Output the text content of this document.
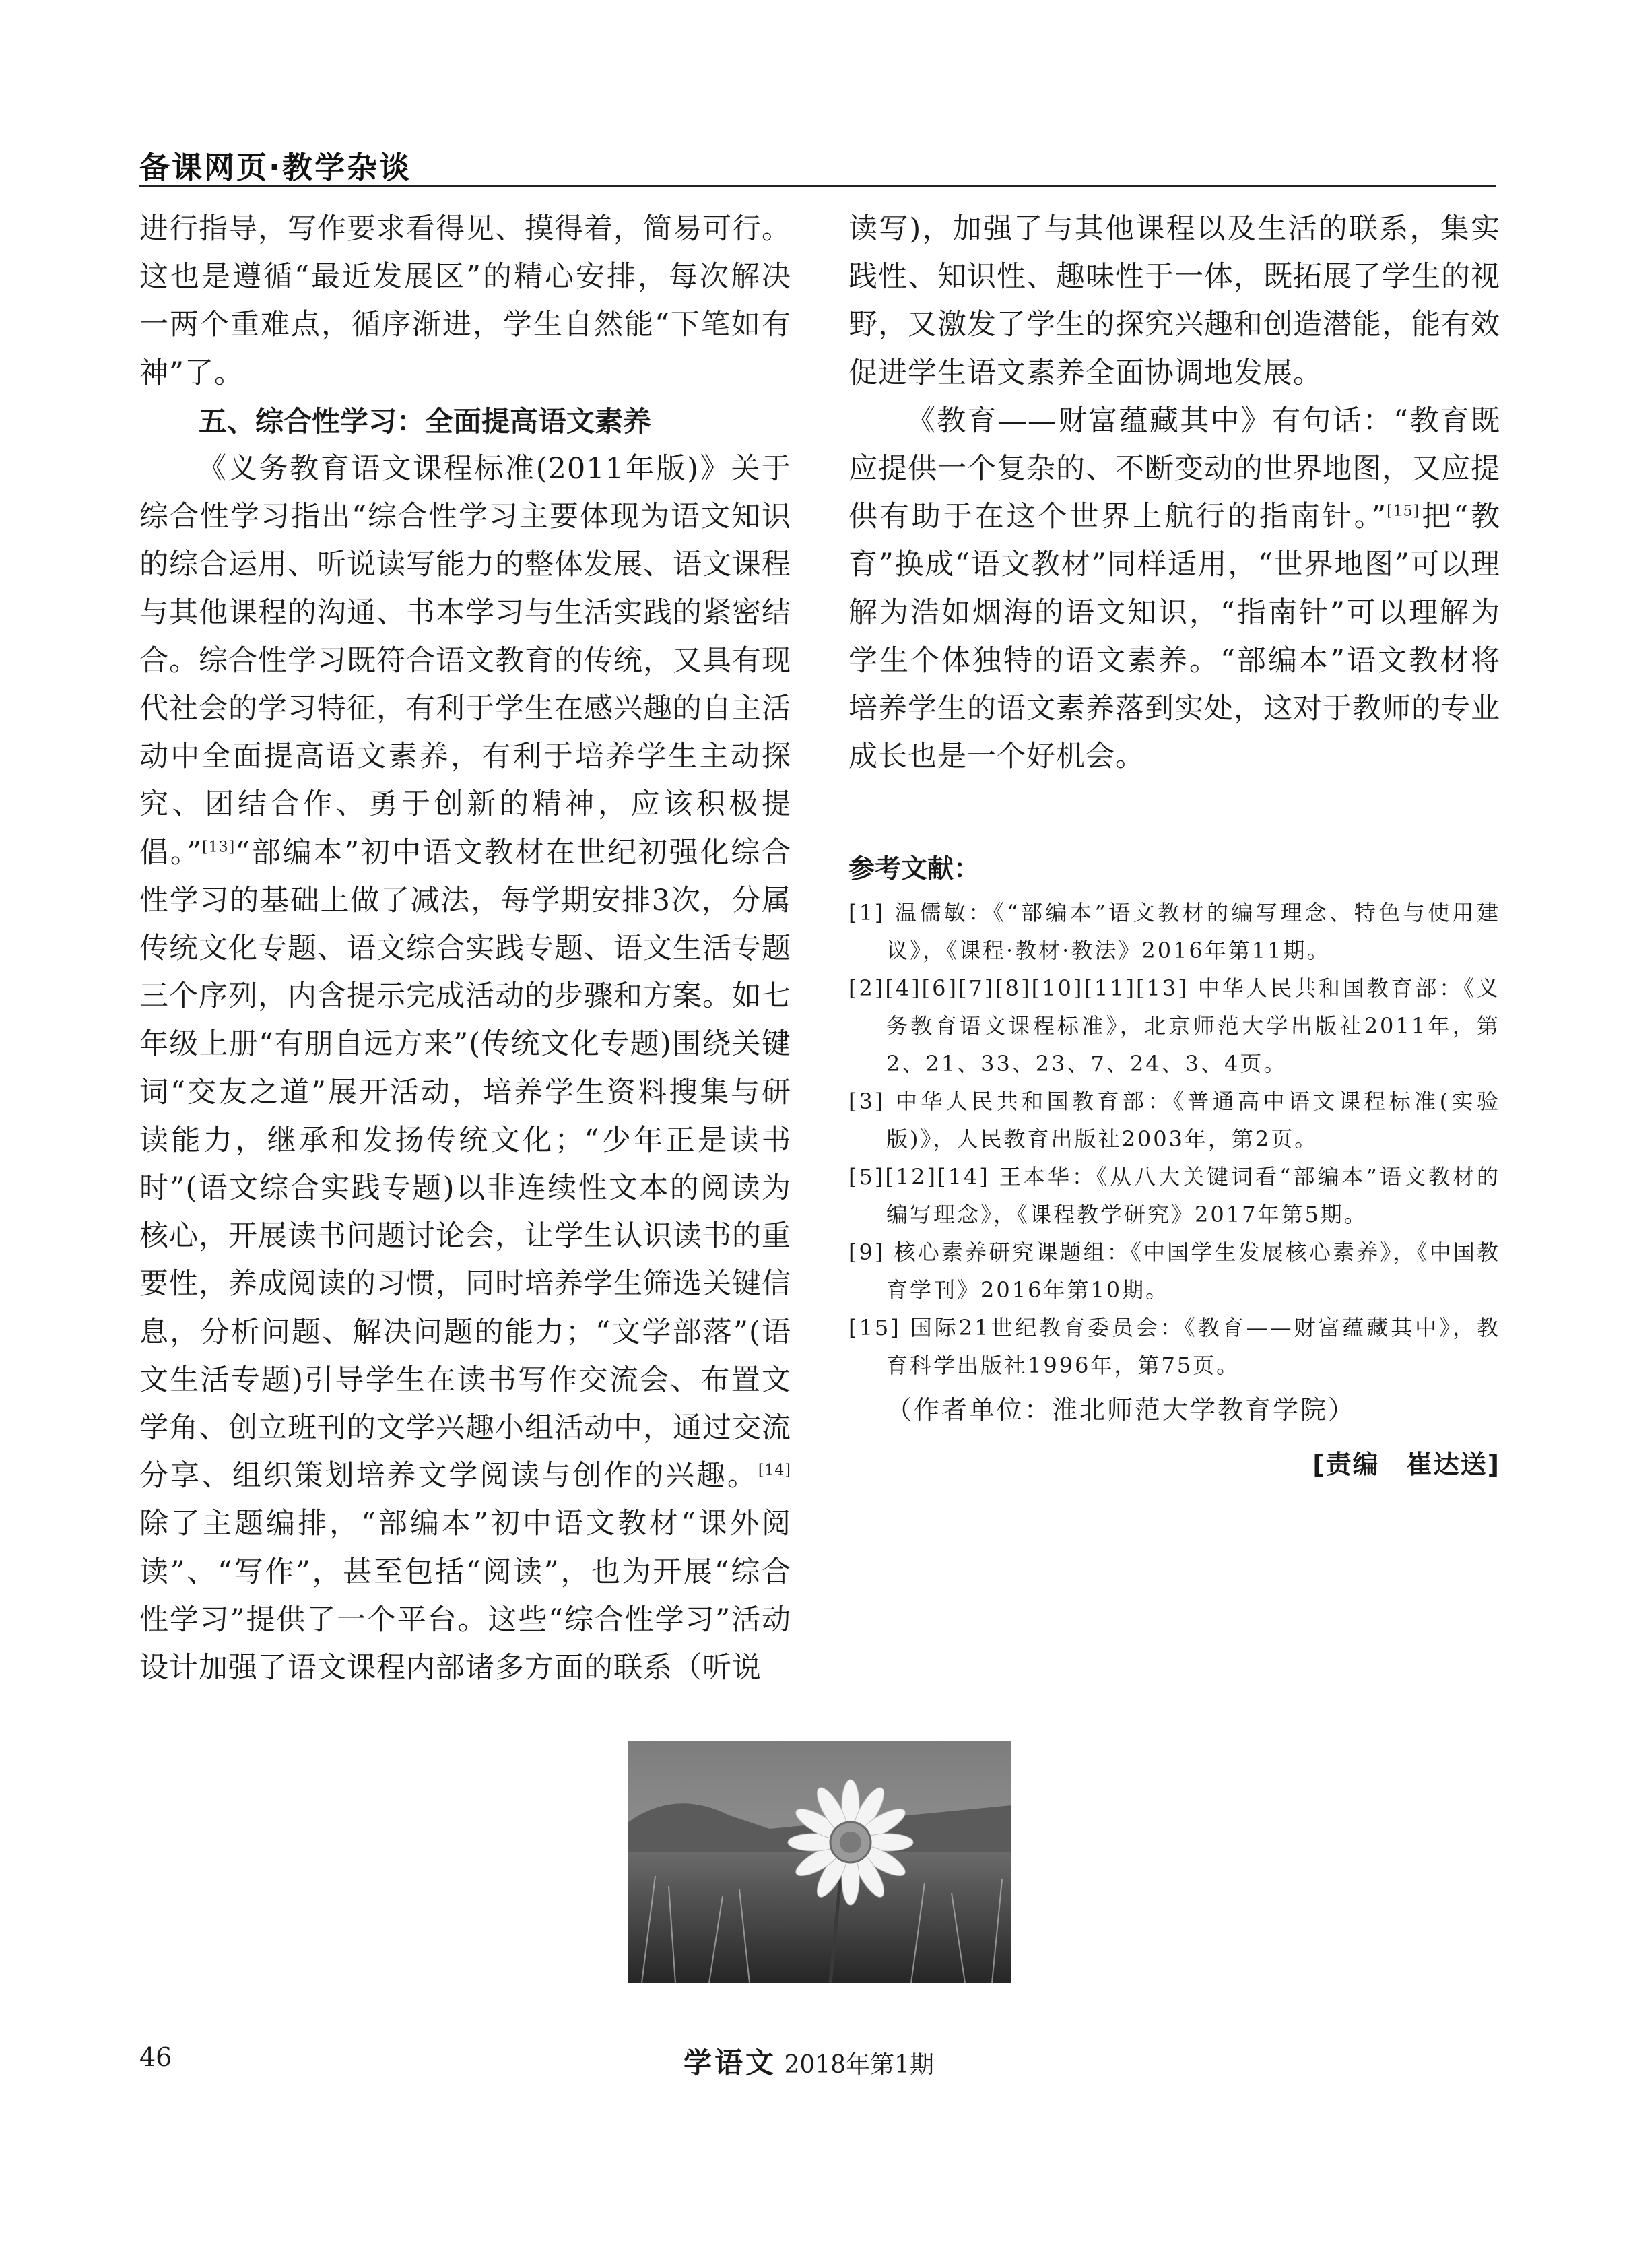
备课网页·教学杂谈

进行指导，写作要求看得见、摸得着，简易可行。这也是遵循“最近发展区”的精心安排，每次解决一两个重难点，循序渐进，学生自然能“下笔如有神”了。

五、综合性学习：全面提高语文素养

《义务教育语文课程标准(2011年版)》关于综合性学习指出“综合性学习主要体现为语文知识的综合运用、听说读写能力的整体发展、语文课程与其他课程的沟通、书本学习与生活实践的紧密结合。综合性学习既符合语文教育的传统，又具有现代社会的学习特征，有利于学生在感兴趣的自主活动中全面提高语文素养，有利于培养学生主动探究、团结合作、勇于创新的精神，应该积极提倡。”[13]“部编本”初中语文教材在世纪初强化综合性学习的基础上做了减法，每学期安排3次，分属传统文化专题、语文综合实践专题、语文生活专题三个序列，内含提示完成活动的步骤和方案。如七年级上册“有朋自远方来”(传统文化专题)围绕关键词“交友之道”展开活动，培养学生资料搜集与研读能力，继承和发扬传统文化；“少年正是读书时”(语文综合实践专题)以非连续性文本的阅读为核心，开展读书问题讨论会，让学生认识读书的重要性，养成阅读的习惯，同时培养学生筛选关键信息，分析问题、解决问题的能力；“文学部落”(语文生活专题)引导学生在读书写作交流会、布置文学角、创立班刊的文学兴趣小组活动中，通过交流分享、组织策划培养文学阅读与创作的兴趣。[14]除了主题编排，“部编本”初中语文教材“课外阅读”、“写作”，甚至包括“阅读”，也为开展“综合性学习”提供了一个平台。这些“综合性学习”活动设计加强了语文课程内部诸多方面的联系（听说

读写)，加强了与其他课程以及生活的联系，集实践性、知识性、趣味性于一体，既拓展了学生的视野，又激发了学生的探究兴趣和创造潜能，能有效促进学生语文素养全面协调地发展。

《教育——财富蕴藏其中》有句话：“教育既应提供一个复杂的、不断变动的世界地图，又应提供有助于在这个世界上航行的指南针。”[15]把“教育”换成“语文教材”同样适用，“世界地图”可以理解为浩如烟海的语文知识，“指南针”可以理解为学生个体独特的语文素养。“部编本”语文教材将培养学生的语文素养落到实处，这对于教师的专业成长也是一个好机会。

参考文献：

[1] 温儒敏：《“部编本”语文教材的编写理念、特色与使用建议》，《课程·教材·教法》2016年第11期。

[2][4][6][7][8][10][11][13] 中华人民共和国教育部：《义务教育语文课程标准》，北京师范大学出版社2011年，第2、21、33、23、7、24、3、4页。

[3] 中华人民共和国教育部：《普通高中语文课程标准(实验版)》，人民教育出版社2003年，第2页。

[5][12][14] 王本华：《从八大关键词看“部编本”语文教材的编写理念》，《课程教学研究》2017年第5期。

[9] 核心素养研究课题组：《中国学生发展核心素养》，《中国教育学刊》2016年第10期。

[15] 国际21世纪教育委员会：《教育——财富蕴藏其中》，教育科学出版社1996年，第75页。

（作者单位：淮北师范大学教育学院）

[责编　崔达送]

46	学语文 2018年第1期
